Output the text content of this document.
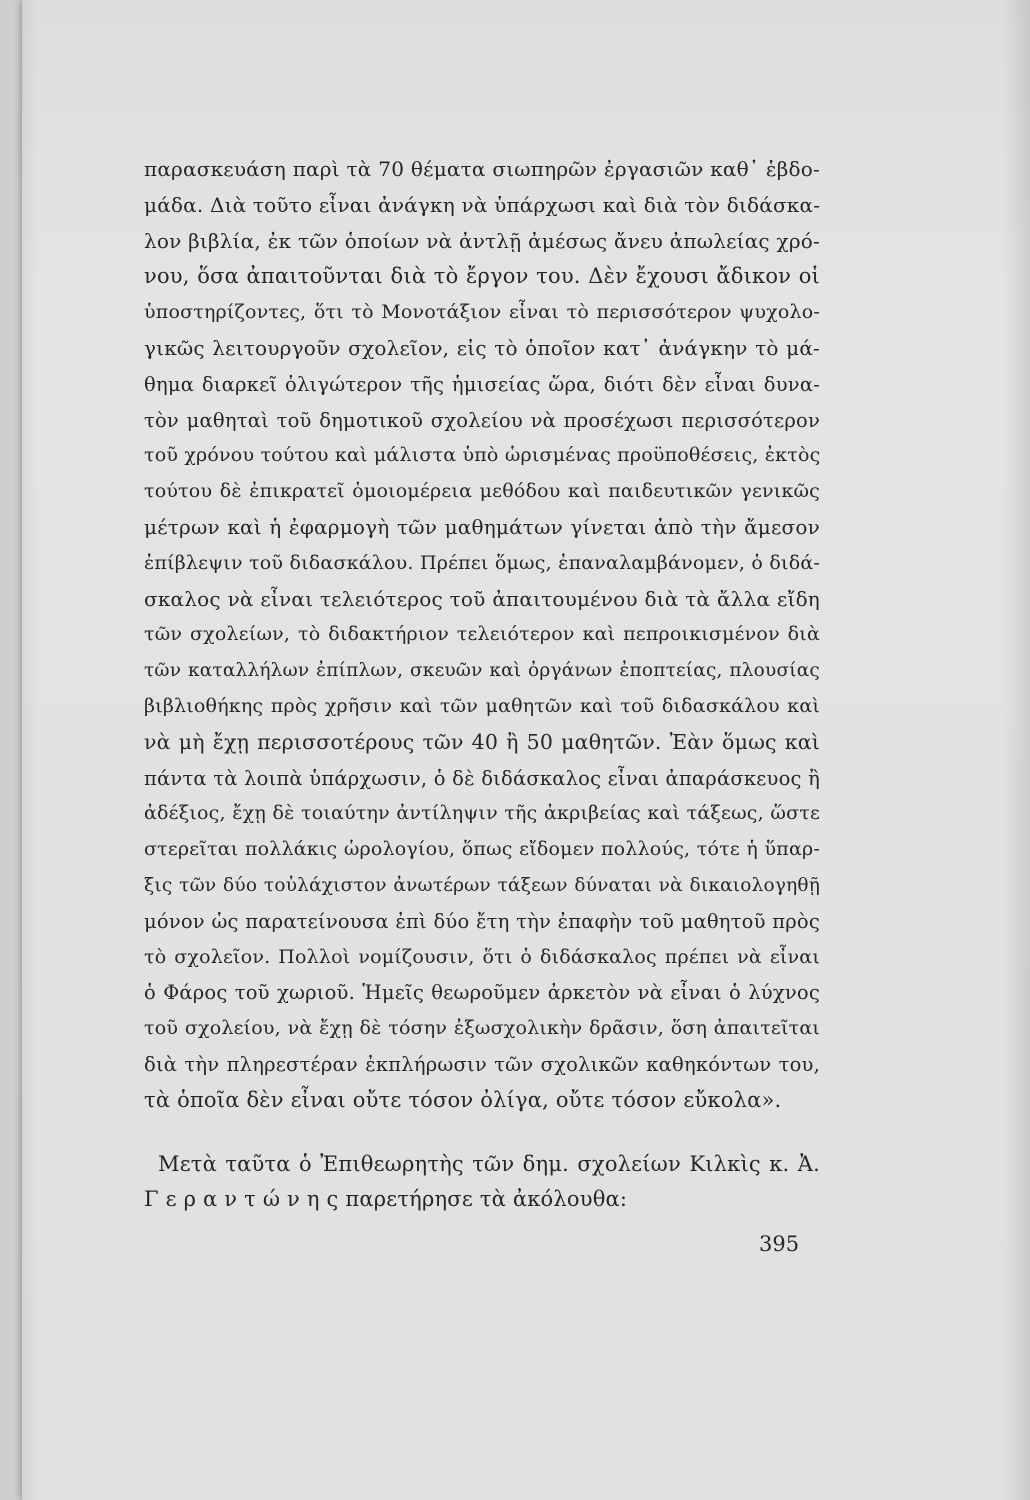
παρασκευάση παρὶ τὰ 70 θέματα σιωπηρῶν ἐργασιῶν καθ᾽ ἑβδο-
μάδα. Διὰ τοῦτο εἶναι ἀνάγκη νὰ ὑπάρχωσι καὶ διὰ τὸν διδάσκα-
λον βιβλία, ἐκ τῶν ὁποίων νὰ ἀντλῇ ἀμέσως ἄνευ ἀπωλείας χρό-
νου, ὅσα ἀπαιτοῦνται διὰ τὸ ἔργον του. Δὲν ἔχουσι ἄδικον οἱ
ὑποστηρίζοντες, ὅτι τὸ Μονοτάξιον εἶναι τὸ περισσότερον ψυχολο-
γικῶς λειτουργοῦν σχολεῖον, εἰς τὸ ὁποῖον κατ᾽ ἀνάγκην τὸ μά-
θημα διαρκεῖ ὀλιγώτερον τῆς ἡμισείας ὥρα, διότι δὲν εἶναι δυνα-
τὸν μαθηταὶ τοῦ δημοτικοῦ σχολείου νὰ προσέχωσι περισσότερον
τοῦ χρόνου τούτου καὶ μάλιστα ὑπὸ ὡρισμένας προϋποθέσεις, ἐκτὸς
τούτου δὲ ἐπικρατεῖ ὁμοιομέρεια μεθόδου καὶ παιδευτικῶν γενικῶς
μέτρων καὶ ἡ ἐφαρμογὴ τῶν μαθημάτων γίνεται ἀπὸ τὴν ἄμεσον
ἐπίβλεψιν τοῦ διδασκάλου. Πρέπει ὅμως, ἐπαναλαμβάνομεν, ὁ διδά-
σκαλος νὰ εἶναι τελειότερος τοῦ ἀπαιτουμένου διὰ τὰ ἄλλα εἴδη
τῶν σχολείων, τὸ διδακτήριον τελειότερον καὶ πεπροικισμένον διὰ
τῶν καταλλήλων ἐπίπλων, σκευῶν καὶ ὀργάνων ἐποπτείας, πλουσίας
βιβλιοθήκης πρὸς χρῆσιν καὶ τῶν μαθητῶν καὶ τοῦ διδασκάλου καὶ
νὰ μὴ ἔχῃ περισσοτέρους τῶν 40 ἢ 50 μαθητῶν. Ἐὰν ὅμως καὶ
πάντα τὰ λοιπὰ ὑπάρχωσιν, ὁ δὲ διδάσκαλος εἶναι ἀπαράσκευος ἢ
ἀδέξιος, ἔχῃ δὲ τοιαύτην ἀντίληψιν τῆς ἀκριβείας καὶ τάξεως, ὥστε
στερεῖται πολλάκις ὡρολογίου, ὅπως εἴδομεν πολλούς, τότε ἡ ὕπαρ-
ξις τῶν δύο τοὐλάχιστον ἀνωτέρων τάξεων δύναται νὰ δικαιολογηθῇ
μόνον ὡς παρατείνουσα ἐπὶ δύο ἔτη τὴν ἐπαφὴν τοῦ μαθητοῦ πρὸς
τὸ σχολεῖον. Πολλοὶ νομίζουσιν, ὅτι ὁ διδάσκαλος πρέπει νὰ εἶναι
ὁ Φάρος τοῦ χωριοῦ. Ἡμεῖς θεωροῦμεν ἀρκετὸν νὰ εἶναι ὁ λύχνος
τοῦ σχολείου, νὰ ἔχῃ δὲ τόσην ἐξωσχολικὴν δρᾶσιν, ὅση ἀπαιτεῖται
διὰ τὴν πληρεστέραν ἐκπλήρωσιν τῶν σχολικῶν καθηκόντων του,
τὰ ὁποῖα δὲν εἶναι οὔτε τόσον ὀλίγα, οὔτε τόσον εὔκολα».
Μετὰ ταῦτα ὁ Ἐπιθεωρητὴς τῶν δημ. σχολείων Κιλκὶς κ. Ἀ.
Γ ε ρ α ν τ ώ ν η ς παρετήρησε τὰ ἀκόλουθα:
395
